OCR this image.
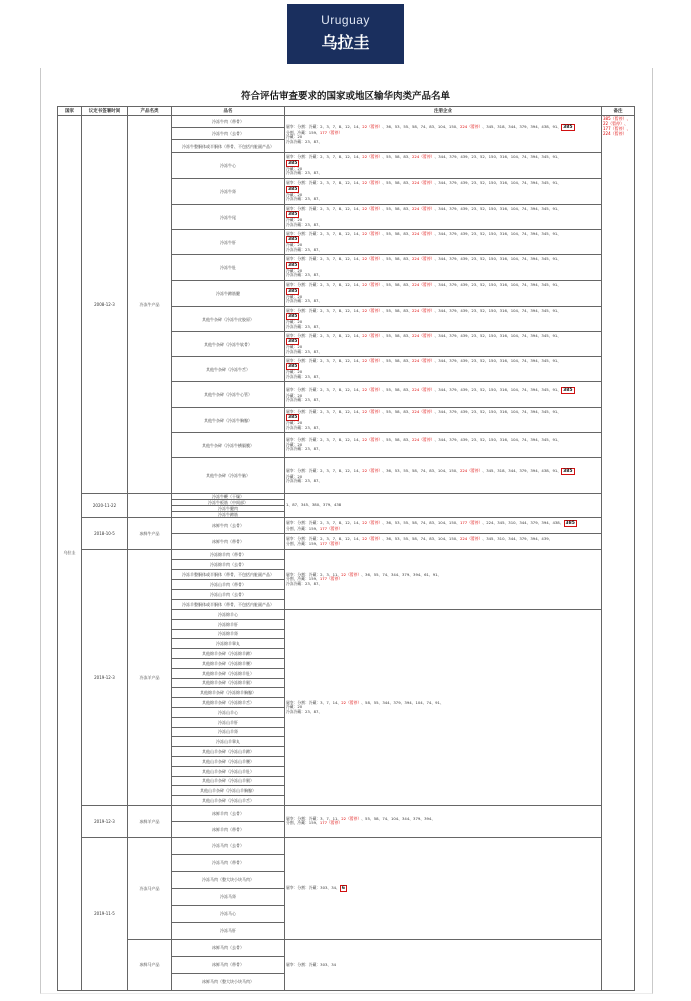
Uruguay
乌拉圭
符合评估审查要求的国家或地区输华肉类产品名单
国家	议定书签署时间	产品名类	品名	注册企业	备注
乌拉圭	2008-12-3	冷冻牛产品	冷冻牛肉（带骨）	屠宰：分割：冷藏：2、3、7、8、12、14、22（暂停）、36、53、55、58、74、83、104、150、224（暂停）、345、318、344、379、394、438、91、 385
分割，冷藏：159、177（暂停）
冷藏：20
冷冻冷藏：23、87、	385（暂停）、22（暂停）、177（暂停）、224（暂停）
			冷冻牛肉（去骨）		
			冷冻牛整胴体或半胴体（带骨、不包括内脏副产品）		
			冷冻牛心	屠宰：分割：冷藏：2、3、7、8、12、14、22（暂停）、55、58、83、224（暂停）、344、379、439、23、52、150、316、104、74、394、345、91、
385
冷藏：20
冷冻冷藏：23、87、	
			冷冻牛肾	屠宰：分割：冷藏：2、3、7、8、12、14、22（暂停）、55、58、83、224（暂停）、344、379、439、23、52、150、316、104、74、394、345、91、
385
冷藏：20
冷冻冷藏：23、87、	
			冷冻牛尾	屠宰：分割：冷藏：2、3、7、8、12、14、22（暂停）、55、58、83、224（暂停）、344、379、439、23、52、150、316、104、74、394、345、91、
385
冷藏：20
冷冻冷藏：23、87、	
			冷冻牛肝	屠宰：分割：冷藏：2、3、7、8、12、14、22（暂停）、55、58、83、224（暂停）、344、379、439、23、52、150、316、104、74、394、345、91、
385
冷藏：20
冷冻冷藏：23、87、	
			冷冻牛肚	屠宰：分割：冷藏：2、3、7、8、12、14、22（暂停）、55、58、83、224（暂停）、344、379、439、23、52、150、316、104、74、394、345、91、
385
冷藏：20
冷冻冷藏：23、87、	
			冷冻牛蹄筋腱	屠宰：分割：冷藏：2、3、7、8、12、14、22（暂停）、55、58、83、224（暂停）、344、379、439、23、52、150、316、104、74、394、345、91、
385
冷藏：20
冷冻冷藏：23、87、	
			其他牛杂碎（冷冻牛皮胶原）	屠宰：分割：冷藏：2、3、7、8、12、14、22（暂停）、55、58、83、224（暂停）、344、379、439、23、52、150、316、104、74、394、345、91、
385
冷藏：20
冷冻冷藏：23、87、	
			其他牛杂碎（冷冻牛软骨）	屠宰：分割：冷藏：2、3、7、8、12、14、22（暂停）、55、58、83、224（暂停）、344、379、439、23、52、150、316、104、74、394、345、91、
385
冷藏：20
冷冻冷藏：23、87、	
			其他牛杂碎（冷冻牛舌）	屠宰：分割：冷藏：2、3、7、8、12、14、22（暂停）、55、58、83、224（暂停）、344、379、439、23、52、150、316、104、74、394、345、91、
385
冷藏：20
冷冻冷藏：23、87、	
			其他牛杂碎（冷冻牛心管）	屠宰：分割：冷藏：2、3、7、8、12、14、22（暂停）、55、58、83、224（暂停）、344、379、439、23、52、150、316、104、74、394、345、91、 385
冷藏：20
冷冻冷藏：23、87、	
			其他牛杂碎（冷冻牛胸腺）	屠宰：分割：冷藏：2、3、7、8、12、14、22（暂停）、55、58、83、224（暂停）、344、379、439、23、52、150、316、104、74、394、345、91、
385
冷藏：20
冷冻冷藏：23、87、	
			其他牛杂碎（冷冻牛横膈膜）	屠宰：分割：冷藏：2、3、7、8、12、14、22（暂停）、55、58、83、224（暂停）、344、379、439、23、52、150、316、104、74、394、345、91、
冷藏：20
冷冻冷藏：23、87、	
			其他牛杂碎（冷冻牛脑）	屠宰：分割：冷藏：2、3、7、8、12、14、22（暂停）、36、53、55、58、74、83、104、150、224（暂停）、345、318、344、379、394、438、91、 385
冷藏：20
冷冻冷藏：23、87、	
	2020-11-22		冷冻牛鞭（干燥）	1、87、345、380、379、438	
			冷冻牛板筋（中间部）		
			冷冻牛腱肉		
			冷冻牛蹄筋		
	2018-10-5	冰鲜牛产品	冰鲜牛肉（去骨）	屠宰：分割：冷藏：2、3、7、8、12、14、22（暂停）、36、53、55、58、74、83、104、150、177（暂停）、224、345、310、344、379、394、438、 385
分割，冷藏：159、177（暂停）	
			冰鲜牛肉（带骨）	屠宰：分割：冷藏：2、3、7、8、12、14、22（暂停）、36、53、55、58、74、83、104、150、224（暂停）、345、310、344、379、394、439、
分割，冷藏：159、177（暂停）	
	2019-12-3	冷冻羊产品	冷冻绵羊肉（带骨）	屠宰：分割：冷藏：2、3、11、22（暂停）、36、55、74、344、379、394、61、91、
分割，冷藏：159、177（暂停）
冷冻冷藏：23、87、	
			冷冻绵羊肉（去骨）		
			冷冻羊整胴体或半胴体（带骨，不包括内脏副产品）		
			冷冻山羊肉（带骨）		
			冷冻山羊肉（去骨）		
			冷冻羊整胴体或半胴体（带骨，不包括内脏副产品）		
			冷冻绵羊心	屠宰：分割：冷藏：3、7、14、22（暂停）、58、55、344、379、394、104、74、91、
冷藏：20
冷冻冷藏：23、87、	
			冷冻绵羊肝		
			冷冻绵羊肾		
			冷冻绵羊睾丸		
			其他绵羊杂碎（冷冻绵羊蹄）		
			其他绵羊杂碎（冷冻绵羊腰）		
			其他绵羊杂碎（冷冻绵羊肚）		
			其他绵羊杂碎（冷冻绵羊腿）		
			其他绵羊杂碎（冷冻绵羊胸腺）		
			其他绵羊杂碎（冷冻绵羊舌）		
			冷冻山羊心		
			冷冻山羊肝		
			冷冻山羊肾		
			冷冻山羊睾丸		
			其他山羊杂碎（冷冻山羊蹄）		
			其他山羊杂碎（冷冻山羊腰）		
			其他山羊杂碎（冷冻山羊肚）		
			其他山羊杂碎（冷冻山羊腿）		
			其他山羊杂碎（冷冻山羊胸腺）		
			其他山羊杂碎（冷冻山羊舌）		
	2019-12-3	冰鲜羊产品	冰鲜羊肉（去骨）	屠宰：分割：冷藏：3、7、11、22（暂停）、55、58、74、104、344、379、394、
分割，冷藏：159、177（暂停）	
			冰鲜羊肉（带骨）		
	2019-11-5	冷冻马产品	冷冻马肉（去骨）	屠宰：分割：冷藏：303、34、 6	
			冷冻马肉（带骨）		
			冷冻马肉（整大块小块马肉）		
			冷冻马肾		
			冷冻马心		
			冷冻马肝		
		冰鲜马产品	冰鲜马肉（去骨）	屠宰：分割：冷藏：303、34	
			冰鲜马肉（带骨）		
			冰鲜马肉（整大块小块马肉）		
